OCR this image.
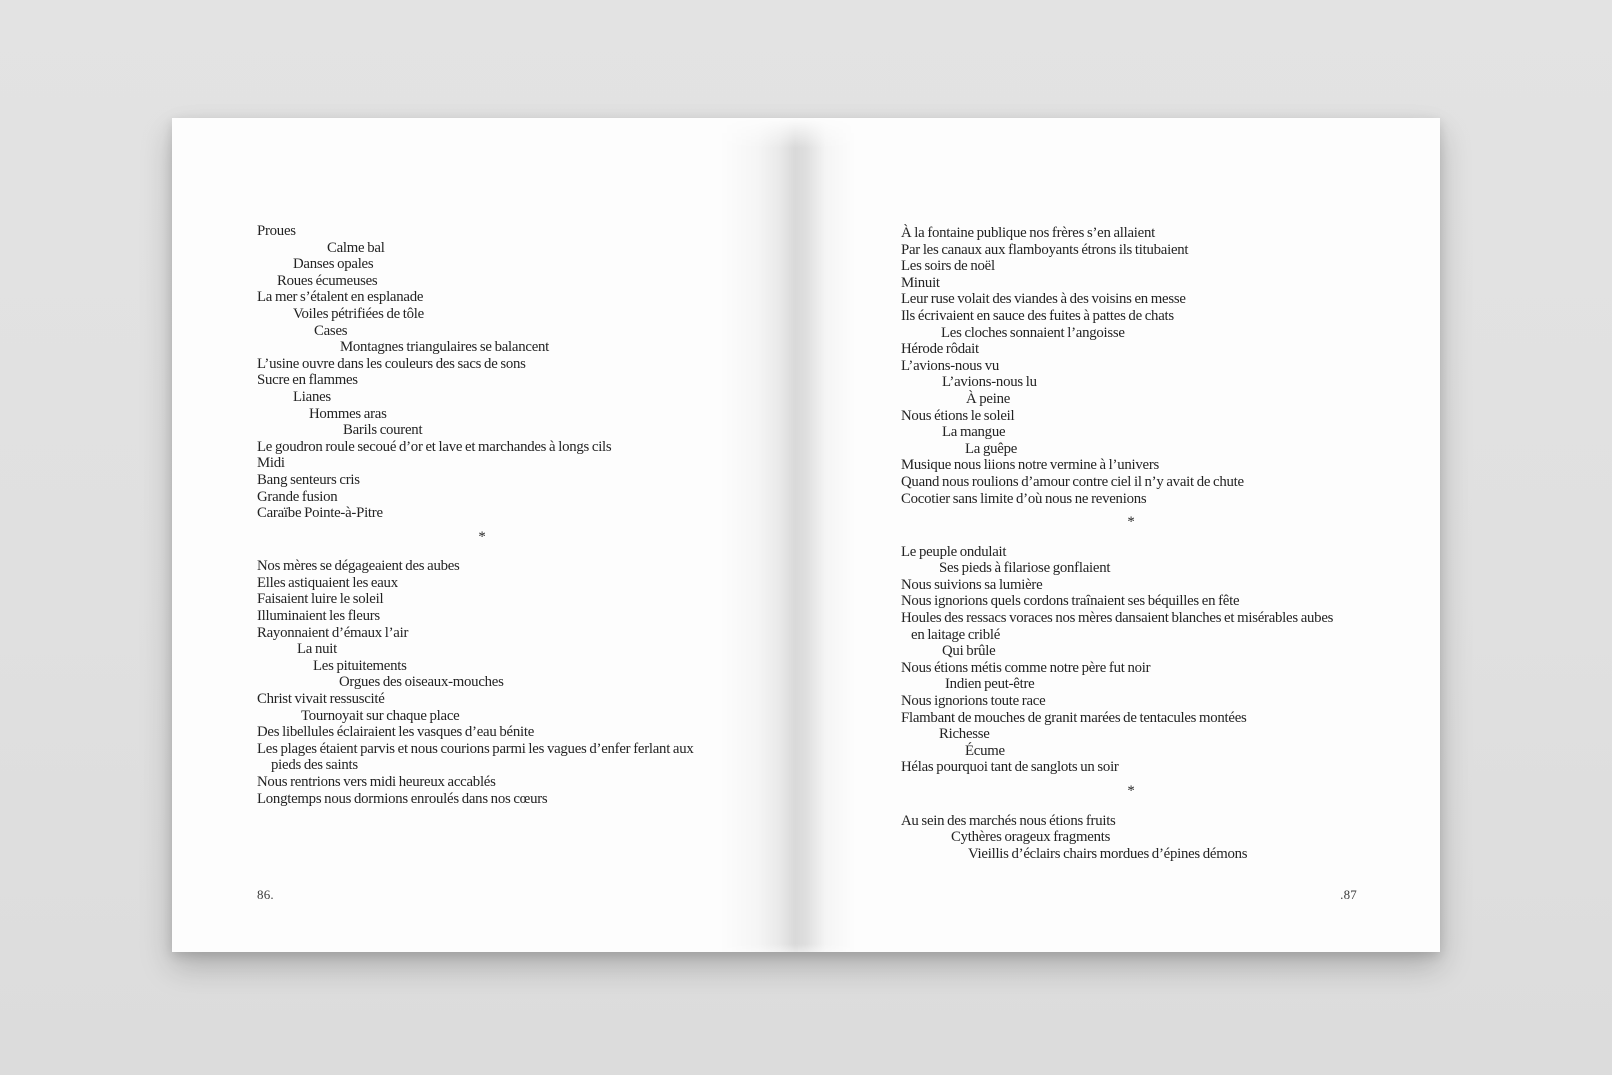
Proues
Calme bal
Danses opales
Roues écumeuses
La mer s’étalent en esplanade
Voiles pétrifiées de tôle
Cases
Montagnes triangulaires se balancent
L’usine ouvre dans les couleurs des sacs de sons
Sucre en flammes
Lianes
Hommes aras
Barils courent
Le goudron roule secoué d’or et lave et marchandes à longs cils
Midi
Bang senteurs cris
Grande fusion
Caraïbe Pointe-à-Pitre
*
Nos mères se dégageaient des aubes
Elles astiquaient les eaux
Faisaient luire le soleil
Illuminaient les fleurs
Rayonnaient d’émaux l’air
La nuit
Les pituitements
Orgues des oiseaux-mouches
Christ vivait ressuscité
Tournoyait sur chaque place
Des libellules éclairaient les vasques d’eau bénite
Les plages étaient parvis et nous courions parmi les vagues d’enfer ferlant aux
pieds des saints
Nous rentrions vers midi heureux accablés
Longtemps nous dormions enroulés dans nos cœurs
À la fontaine publique nos frères s’en allaient
Par les canaux aux flamboyants étrons ils titubaient
Les soirs de noël
Minuit
Leur ruse volait des viandes à des voisins en messe
Ils écrivaient en sauce des fuites à pattes de chats
Les cloches sonnaient l’angoisse
Hérode rôdait
L’avions-nous vu
L’avions-nous lu
À peine
Nous étions le soleil
La mangue
La guêpe
Musique nous liions notre vermine à l’univers
Quand nous roulions d’amour contre ciel il n’y avait de chute
Cocotier sans limite d’où nous ne revenions
*
Le peuple ondulait
Ses pieds à filariose gonflaient
Nous suivions sa lumière
Nous ignorions quels cordons traînaient ses béquilles en fête
Houles des ressacs voraces nos mères dansaient blanches et misérables aubes
en laitage criblé
Qui brûle
Nous étions métis comme notre père fut noir
Indien peut-être
Nous ignorions toute race
Flambant de mouches de granit marées de tentacules montées
Richesse
Écume
Hélas pourquoi tant de sanglots un soir
*
Au sein des marchés nous étions fruits
Cythères orageux fragments
Vieillis d’éclairs chairs mordues d’épines démons
86.	.87
